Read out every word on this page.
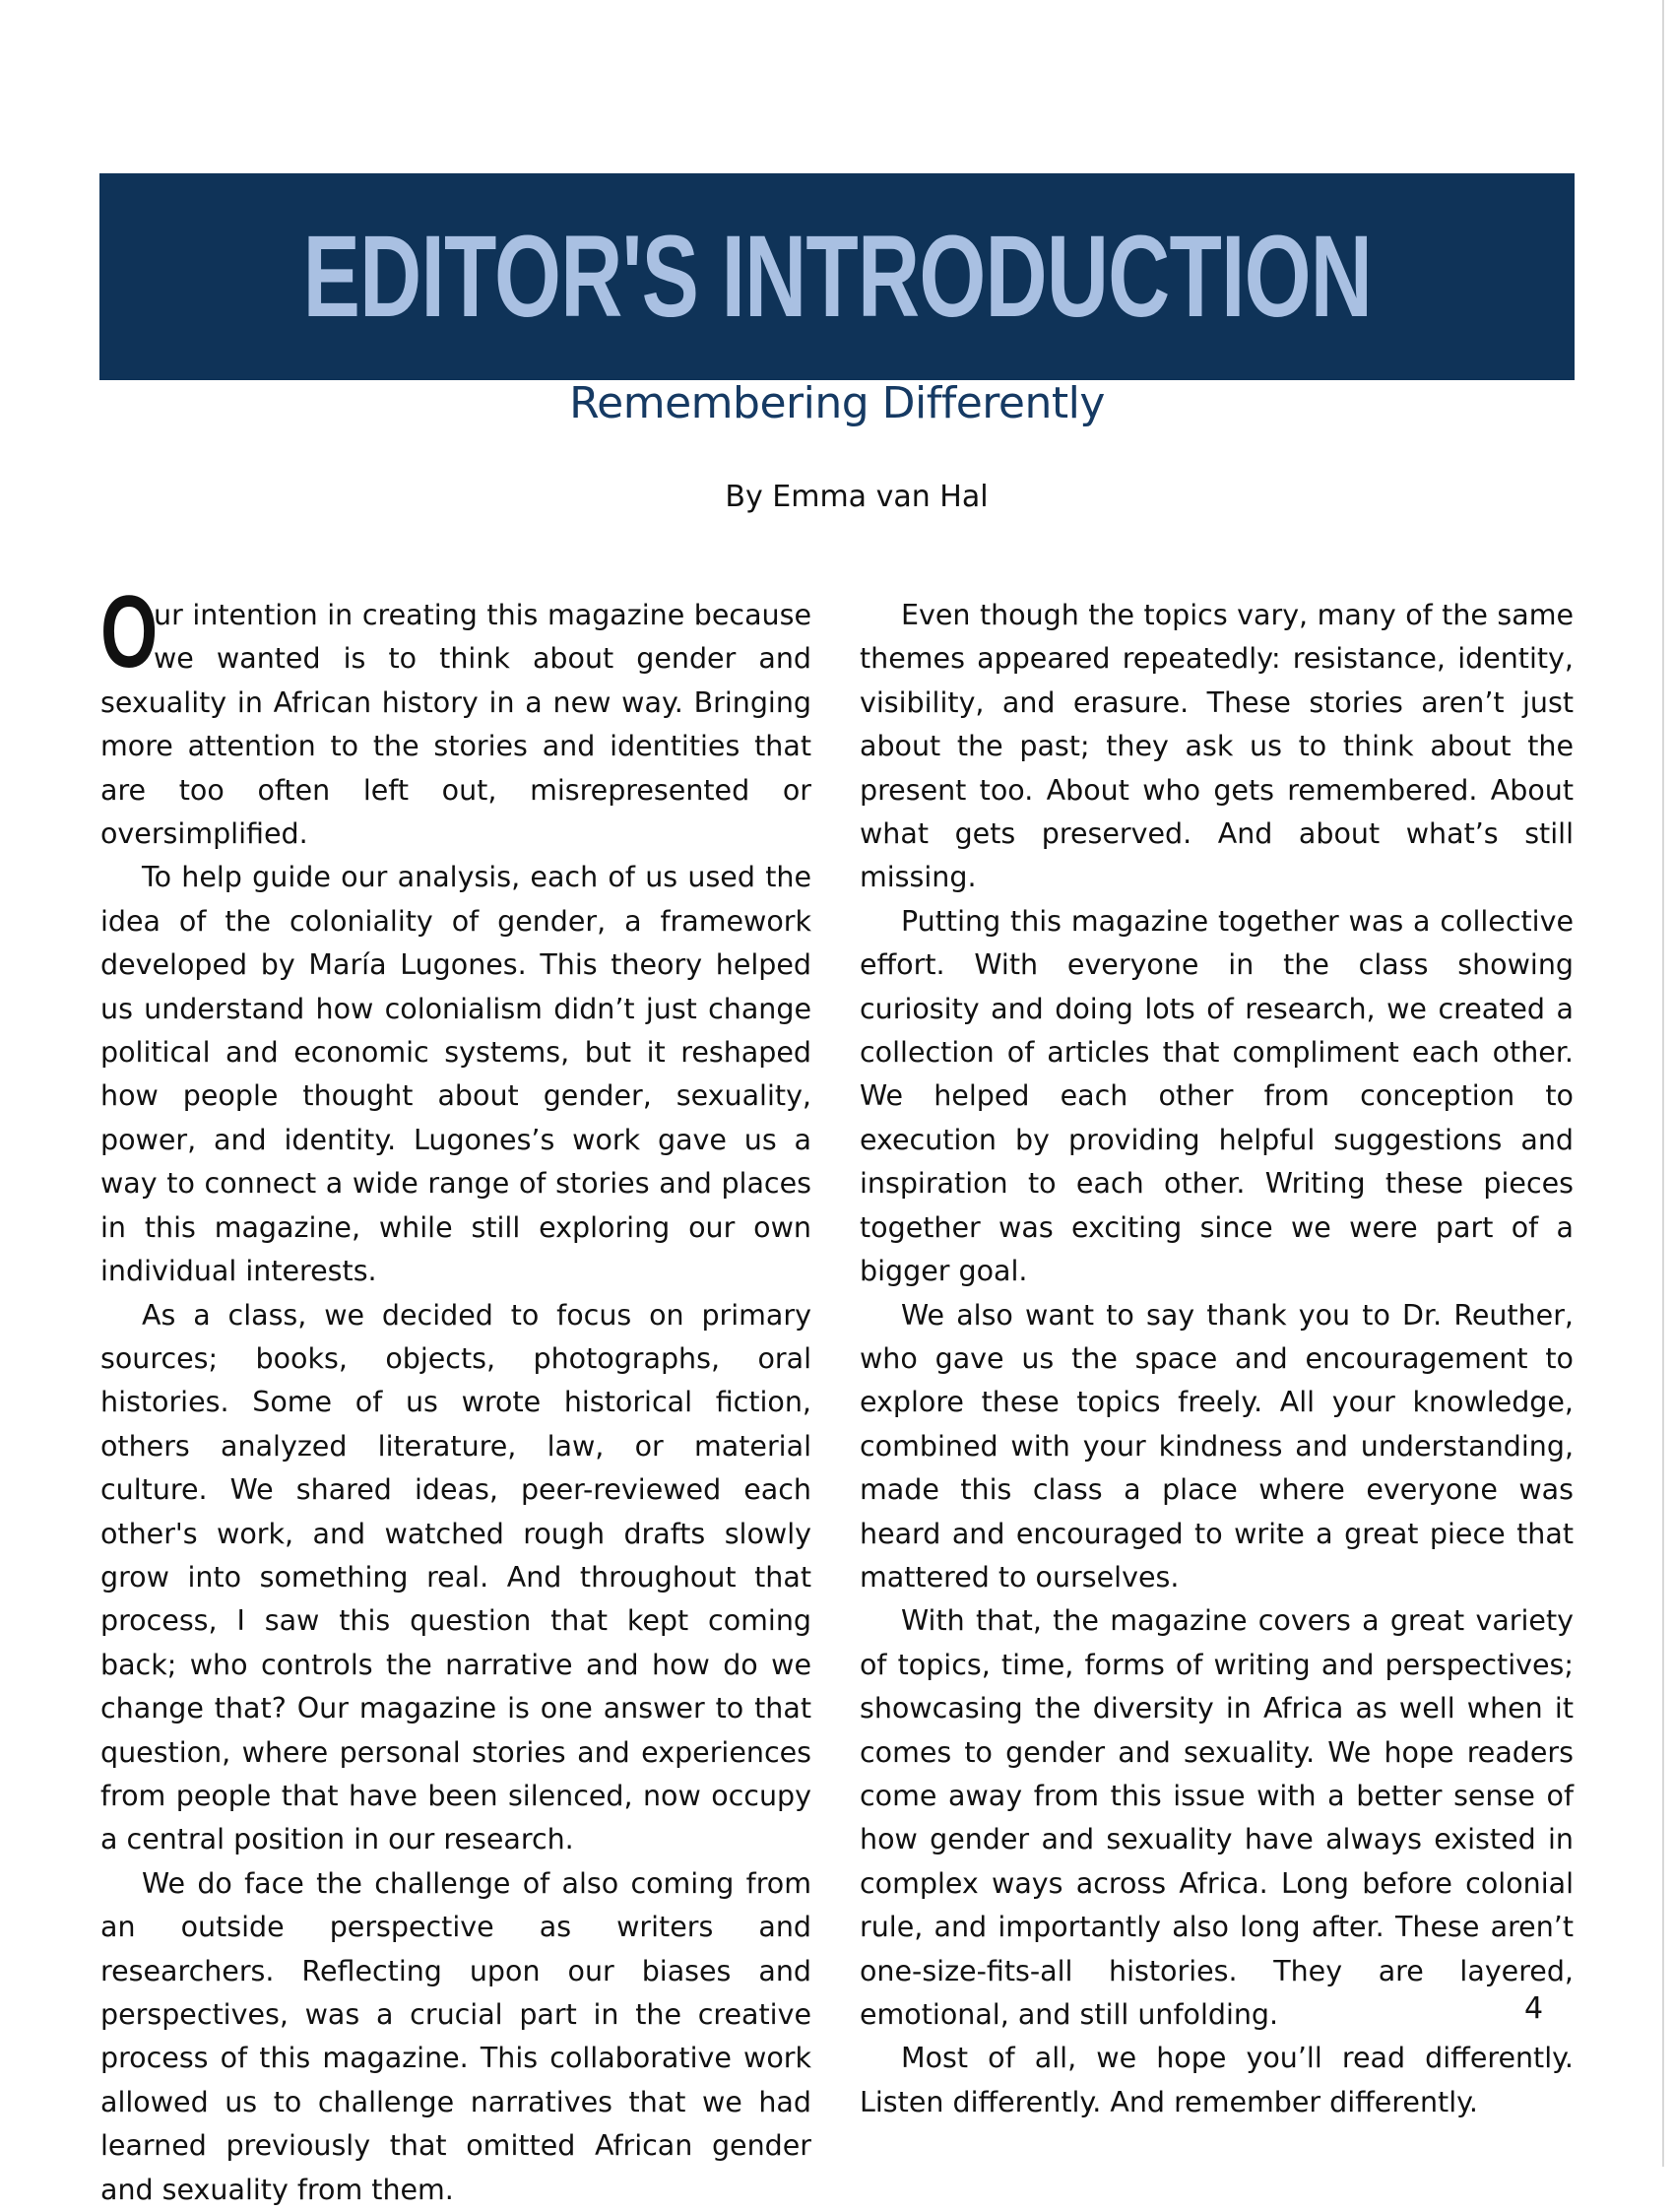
EDITOR'S INTRODUCTION
Remembering Differently
By Emma van Hal

O
ur intention in creating this magazine because we wanted is to think about gender and sexuality in African history in a new way. Bringing more attention to the stories and identities that are too often left out, misrepresented or oversimplified.

To help guide our analysis, each of us used the idea of the coloniality of gender, a framework developed by María Lugones. This theory helped us understand how colonialism didn’t just change political and economic systems, but it reshaped how people thought about gender, sexuality, power, and identity. Lugones’s work gave us a way to connect a wide range of stories and places in this magazine, while still exploring our own individual interests.

As a class, we decided to focus on primary sources; books, objects, photographs, oral histories. Some of us wrote historical fiction, others analyzed literature, law, or material culture. We shared ideas, peer-reviewed each other's work, and watched rough drafts slowly grow into something real. And throughout that process, I saw this question that kept coming back; who controls the narrative and how do we change that? Our magazine is one answer to that question, where personal stories and experiences from people that have been silenced, now occupy a central position in our research.

We do face the challenge of also coming from an outside perspective as writers and researchers. Reflecting upon our biases and perspectives, was a crucial part in the creative process of this magazine. This collaborative work allowed us to challenge narratives that we had learned previously that omitted African gender and sexuality from them.

Even though the topics vary, many of the same themes appeared repeatedly: resistance, identity, visibility, and erasure. These stories aren’t just about the past; they ask us to think about the present too. About who gets remembered. About what gets preserved. And about what’s still missing.

Putting this magazine together was a collective effort. With everyone in the class showing curiosity and doing lots of research, we created a collection of articles that compliment each other. We helped each other from conception to execution by providing helpful suggestions and inspiration to each other. Writing these pieces together was exciting since we were part of a bigger goal.

We also want to say thank you to Dr. Reuther, who gave us the space and encouragement to explore these topics freely. All your knowledge, combined with your kindness and understanding, made this class a place where everyone was heard and encouraged to write a great piece that mattered to ourselves.

With that, the magazine covers a great variety of topics, time, forms of writing and perspectives; showcasing the diversity in Africa as well when it comes to gender and sexuality. We hope readers come away from this issue with a better sense of how gender and sexuality have always existed in complex ways across Africa. Long before colonial rule, and importantly also long after. These aren’t one-size-fits-all histories. They are layered, emotional, and still unfolding.

Most of all, we hope you’ll read differently. Listen differently. And remember differently.

4
